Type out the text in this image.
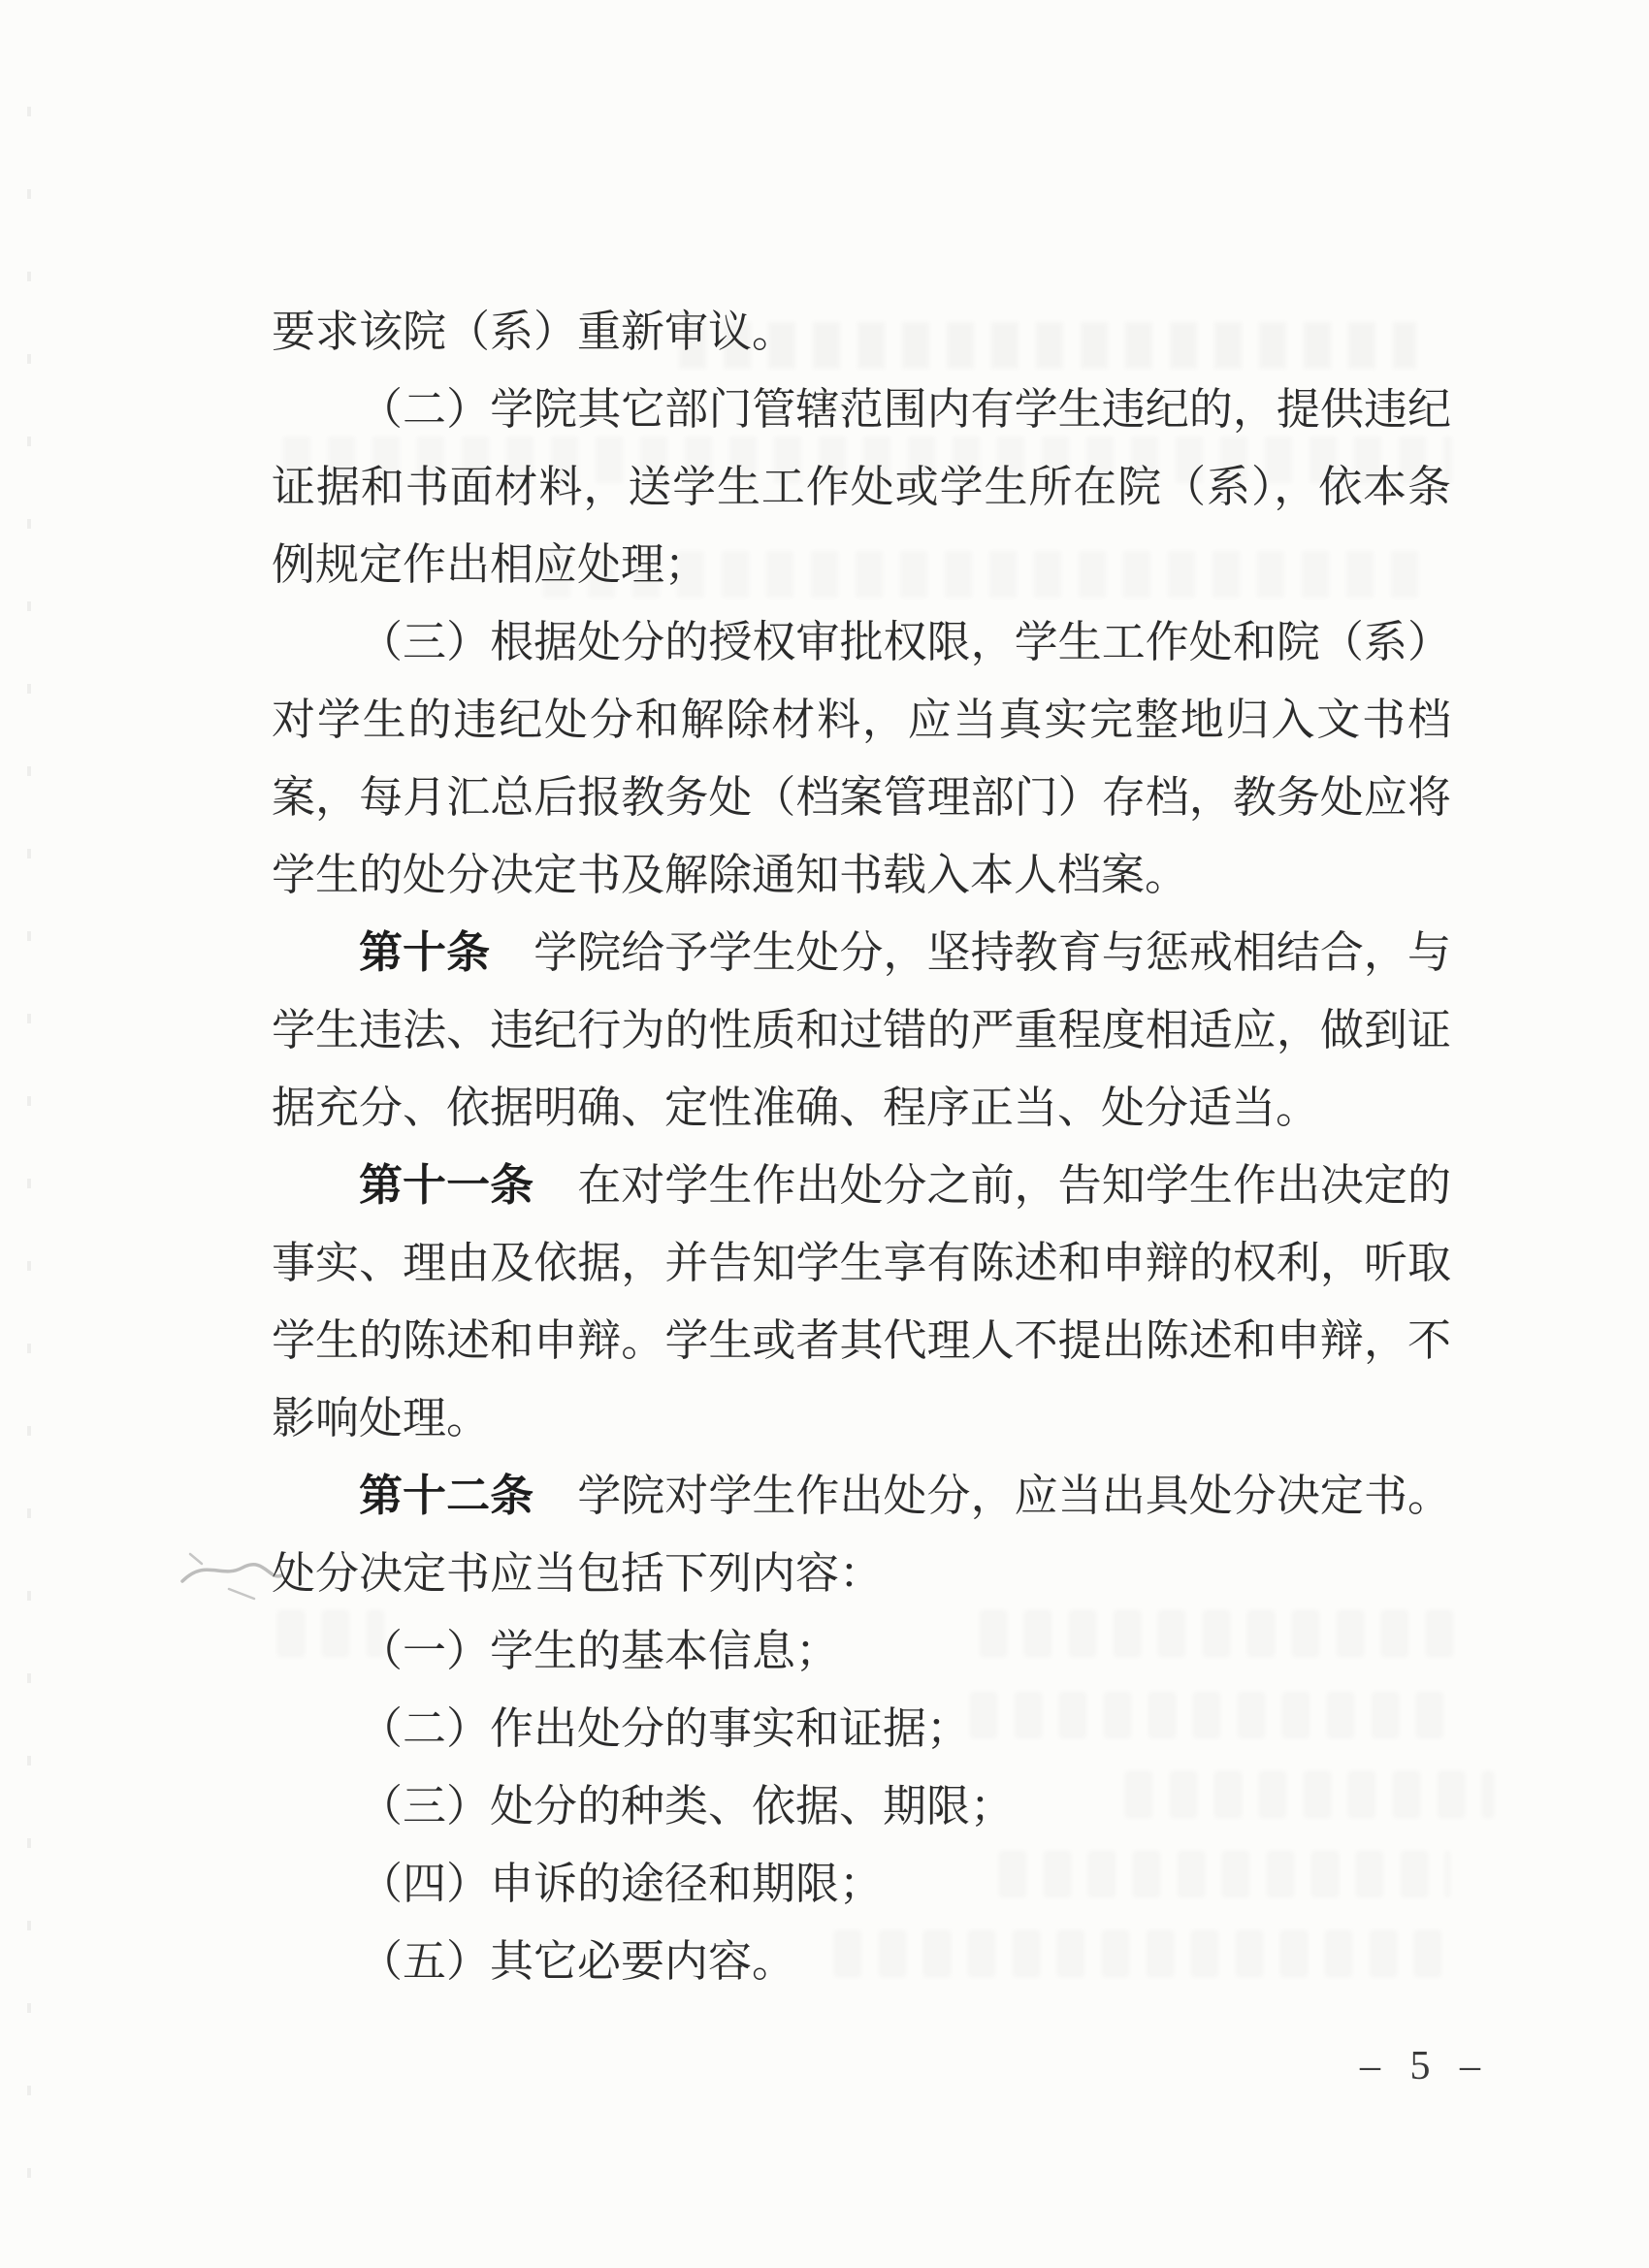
要求该院（系）重新审议。

（二）学院其它部门管辖范围内有学生违纪的，提供违纪证据和书面材料，送学生工作处或学生所在院（系），依本条例规定作出相应处理；

（三）根据处分的授权审批权限，学生工作处和院（系）对学生的违纪处分和解除材料，应当真实完整地归入文书档案，每月汇总后报教务处（档案管理部门）存档，教务处应将学生的处分决定书及解除通知书载入本人档案。

第十条　学院给予学生处分，坚持教育与惩戒相结合，与学生违法、违纪行为的性质和过错的严重程度相适应，做到证据充分、依据明确、定性准确、程序正当、处分适当。

第十一条　在对学生作出处分之前，告知学生作出决定的事实、理由及依据，并告知学生享有陈述和申辩的权利，听取学生的陈述和申辩。学生或者其代理人不提出陈述和申辩，不影响处理。

第十二条　学院对学生作出处分，应当出具处分决定书。处分决定书应当包括下列内容：

（一）学生的基本信息；

（二）作出处分的事实和证据；

（三）处分的种类、依据、期限；

（四）申诉的途径和期限；

（五）其它必要内容。

– 5 –
